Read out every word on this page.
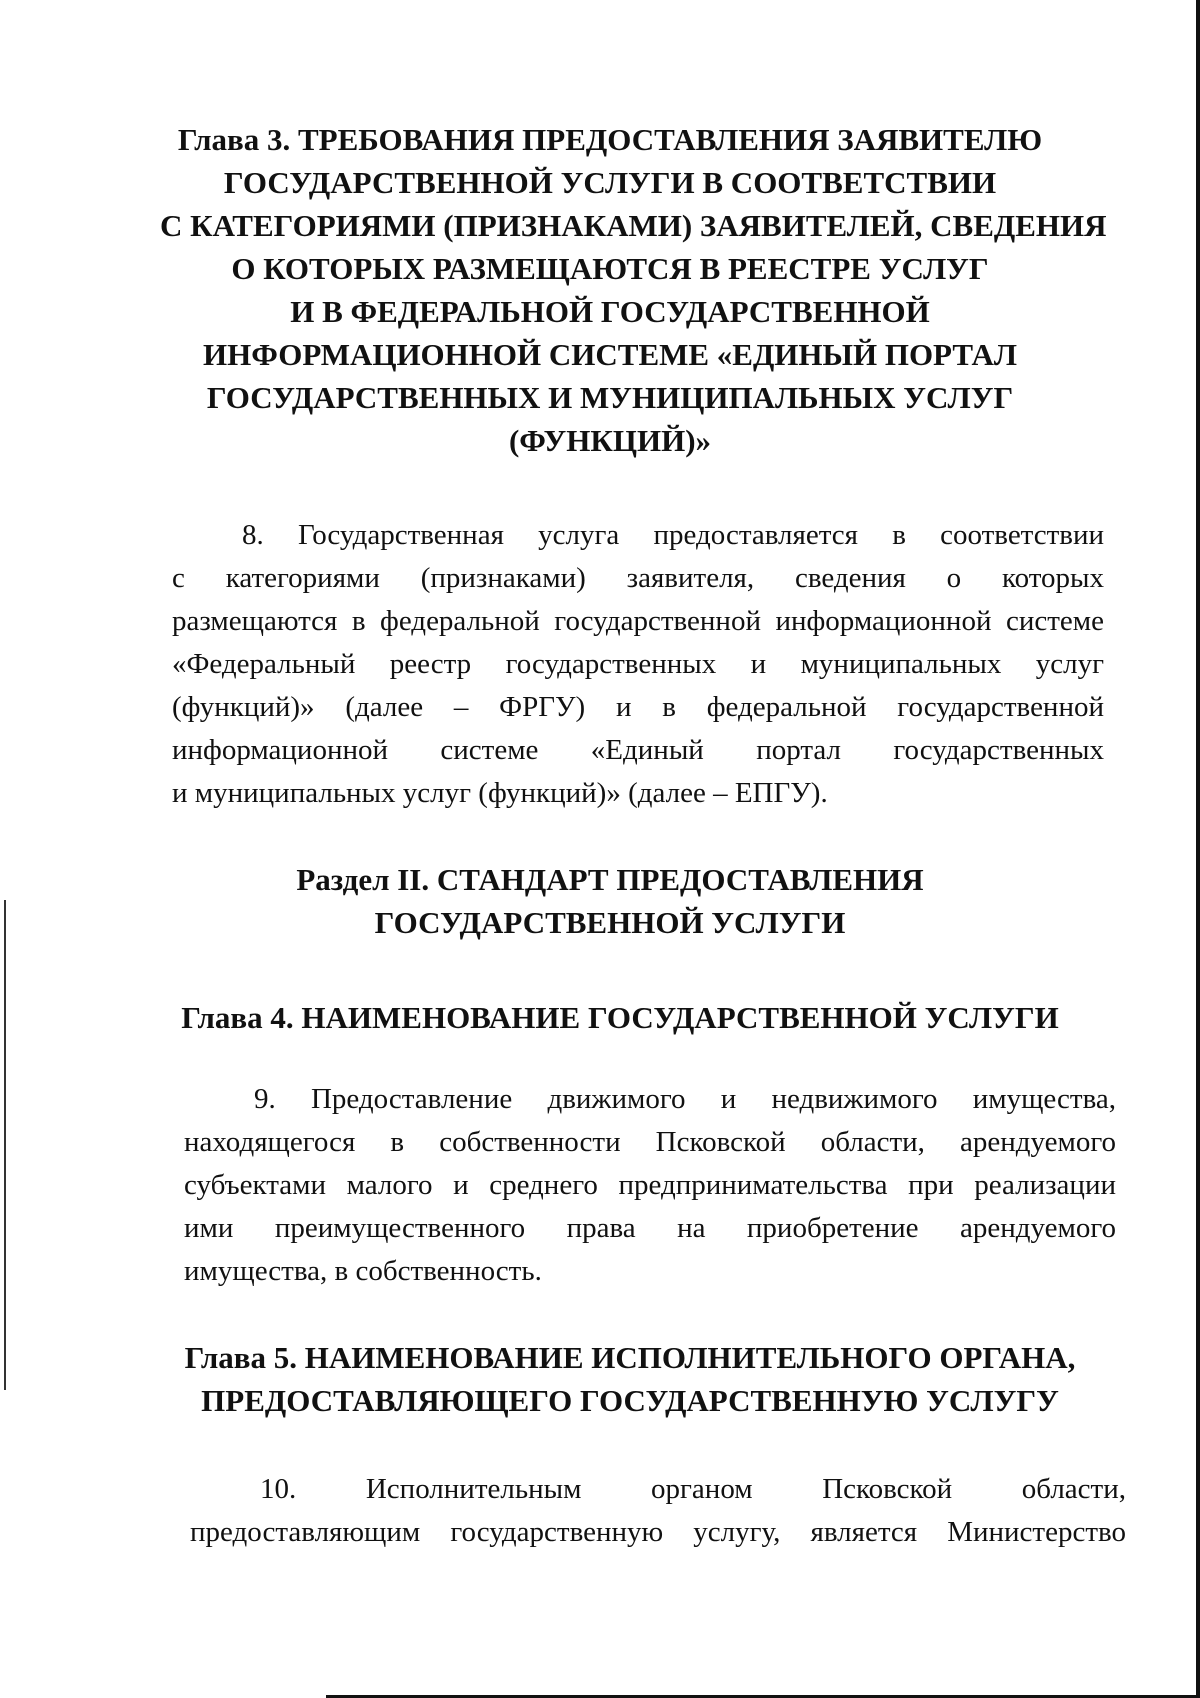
Глава 3. ТРЕБОВАНИЯ ПРЕДОСТАВЛЕНИЯ ЗАЯВИТЕЛЮ
ГОСУДАРСТВЕННОЙ УСЛУГИ В СООТВЕТСТВИИ
С КАТЕГОРИЯМИ (ПРИЗНАКАМИ) ЗАЯВИТЕЛЕЙ, СВЕДЕНИЯ
О КОТОРЫХ РАЗМЕЩАЮТСЯ В РЕЕСТРЕ УСЛУГ
И В ФЕДЕРАЛЬНОЙ ГОСУДАРСТВЕННОЙ
ИНФОРМАЦИОННОЙ СИСТЕМЕ «ЕДИНЫЙ ПОРТАЛ
ГОСУДАРСТВЕННЫХ И МУНИЦИПАЛЬНЫХ УСЛУГ
(ФУНКЦИЙ)»
8. Государственная услуга предоставляется в соответствии
с категориями (признаками) заявителя, сведения о которых
размещаются в федеральной государственной информационной системе
«Федеральный реестр государственных и муниципальных услуг
(функций)» (далее – ФРГУ) и в федеральной государственной
информационной системе «Единый портал государственных
и муниципальных услуг (функций)» (далее – ЕПГУ).
Раздел II. СТАНДАРТ ПРЕДОСТАВЛЕНИЯ
ГОСУДАРСТВЕННОЙ УСЛУГИ
Глава 4. НАИМЕНОВАНИЕ ГОСУДАРСТВЕННОЙ УСЛУГИ
9. Предоставление движимого и недвижимого имущества,
находящегося в собственности Псковской области, арендуемого
субъектами малого и среднего предпринимательства при реализации
ими преимущественного права на приобретение арендуемого
имущества, в собственность.
Глава 5. НАИМЕНОВАНИЕ ИСПОЛНИТЕЛЬНОГО ОРГАНА,
ПРЕДОСТАВЛЯЮЩЕГО ГОСУДАРСТВЕННУЮ УСЛУГУ
10. Исполнительным органом Псковской области,
предоставляющим государственную услугу, является Министерство
